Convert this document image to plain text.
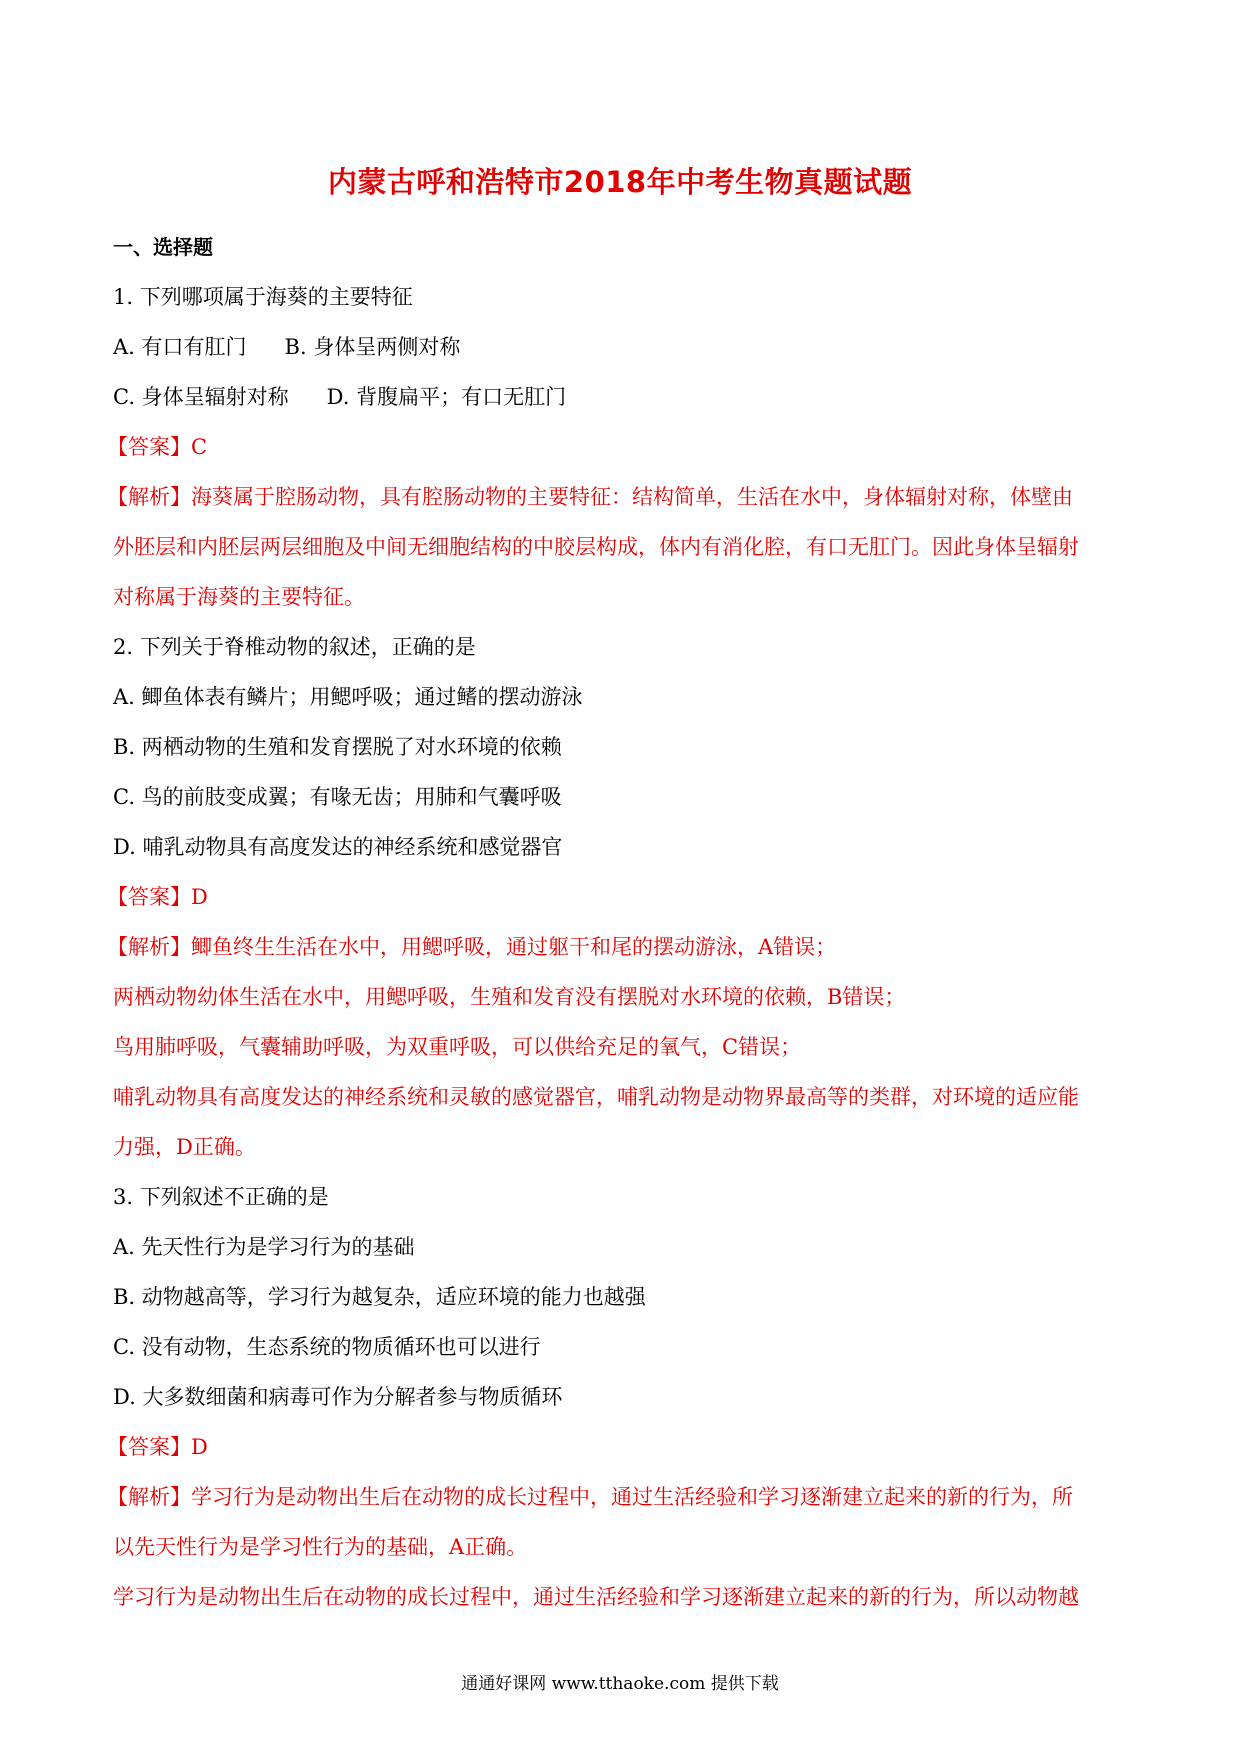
内蒙古呼和浩特市2018年中考生物真题试题
一、选择题
1. 下列哪项属于海葵的主要特征
A. 有口有肛门 B. 身体呈两侧对称
C. 身体呈辐射对称 D. 背腹扁平；有口无肛门
【答案】C
【解析】海葵属于腔肠动物，具有腔肠动物的主要特征：结构简单，生活在水中，身体辐射对称，体壁由
外胚层和内胚层两层细胞及中间无细胞结构的中胶层构成，体内有消化腔，有口无肛门。因此身体呈辐射
对称属于海葵的主要特征。
2. 下列关于脊椎动物的叙述，正确的是
A. 鲫鱼体表有鳞片；用鳃呼吸；通过鳍的摆动游泳
B. 两栖动物的生殖和发育摆脱了对水环境的依赖
C. 鸟的前肢变成翼；有喙无齿；用肺和气囊呼吸
D. 哺乳动物具有高度发达的神经系统和感觉器官
【答案】D
【解析】鲫鱼终生生活在水中，用鳃呼吸，通过躯干和尾的摆动游泳，A错误；
两栖动物幼体生活在水中，用鳃呼吸，生殖和发育没有摆脱对水环境的依赖，B错误；
鸟用肺呼吸，气囊辅助呼吸，为双重呼吸，可以供给充足的氧气，C错误；
哺乳动物具有高度发达的神经系统和灵敏的感觉器官，哺乳动物是动物界最高等的类群，对环境的适应能
力强，D正确。
3. 下列叙述不正确的是
A. 先天性行为是学习行为的基础
B. 动物越高等，学习行为越复杂，适应环境的能力也越强
C. 没有动物，生态系统的物质循环也可以进行
D. 大多数细菌和病毒可作为分解者参与物质循环
【答案】D
【解析】学习行为是动物出生后在动物的成长过程中，通过生活经验和学习逐渐建立起来的新的行为，所
以先天性行为是学习性行为的基础，A正确。
学习行为是动物出生后在动物的成长过程中，通过生活经验和学习逐渐建立起来的新的行为，所以动物越
通通好课网 www.tthaoke.com 提供下载
